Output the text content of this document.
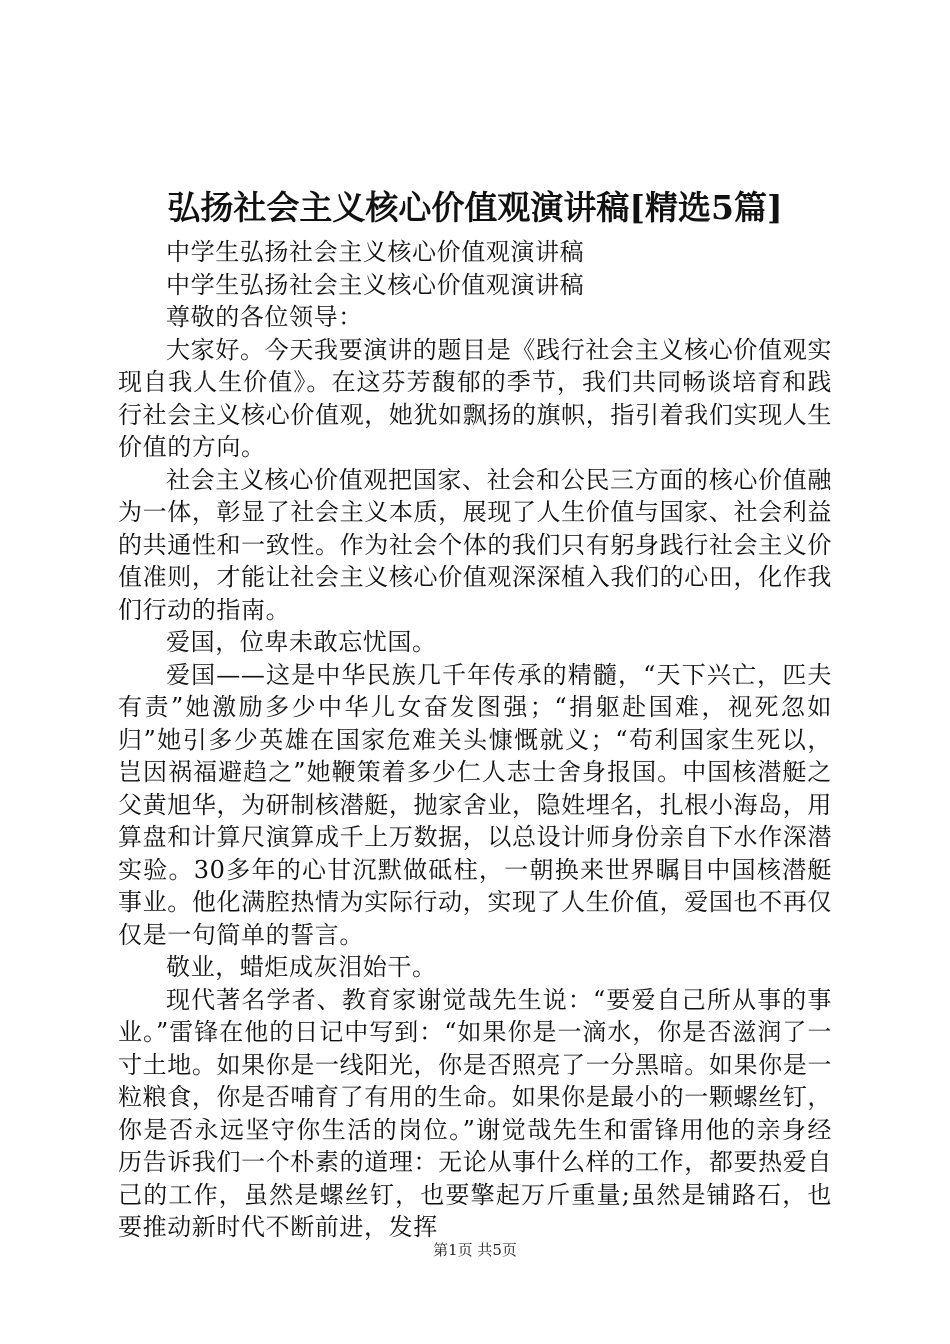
弘扬社会主义核心价值观演讲稿[精选5篇]

中学生弘扬社会主义核心价值观演讲稿

中学生弘扬社会主义核心价值观演讲稿

尊敬的各位领导：

大家好。今天我要演讲的题目是《践行社会主义核心价值观实现自我人生价值》。在这芬芳馥郁的季节，我们共同畅谈培育和践行社会主义核心价值观，她犹如飘扬的旗帜，指引着我们实现人生价值的方向。

社会主义核心价值观把国家、社会和公民三方面的核心价值融为一体，彰显了社会主义本质，展现了人生价值与国家、社会利益的共通性和一致性。作为社会个体的我们只有躬身践行社会主义价值准则，才能让社会主义核心价值观深深植入我们的心田，化作我们行动的指南。

爱国，位卑未敢忘忧国。

爱国——这是中华民族几千年传承的精髓，“天下兴亡，匹夫有责”她激励多少中华儿女奋发图强；“捐躯赴国难，视死忽如归”她引多少英雄在国家危难关头慷慨就义；“苟利国家生死以，岂因祸福避趋之”她鞭策着多少仁人志士舍身报国。中国核潜艇之父黄旭华，为研制核潜艇，抛家舍业，隐姓埋名，扎根小海岛，用算盘和计算尺演算成千上万数据，以总设计师身份亲自下水作深潜实验。30多年的心甘沉默做砥柱，一朝换来世界瞩目中国核潜艇事业。他化满腔热情为实际行动，实现了人生价值，爱国也不再仅仅是一句简单的誓言。

敬业，蜡炬成灰泪始干。

现代著名学者、教育家谢觉哉先生说：“要爱自己所从事的事业。”雷锋在他的日记中写到：“如果你是一滴水，你是否滋润了一寸土地。如果你是一线阳光，你是否照亮了一分黑暗。如果你是一粒粮食，你是否哺育了有用的生命。如果你是最小的一颗螺丝钉，你是否永远坚守你生活的岗位。”谢觉哉先生和雷锋用他的亲身经历告诉我们一个朴素的道理：无论从事什么样的工作，都要热爱自己的工作，虽然是螺丝钉，也要擎起万斤重量;虽然是铺路石，也要推动新时代不断前进，发挥

第1页 共5页
